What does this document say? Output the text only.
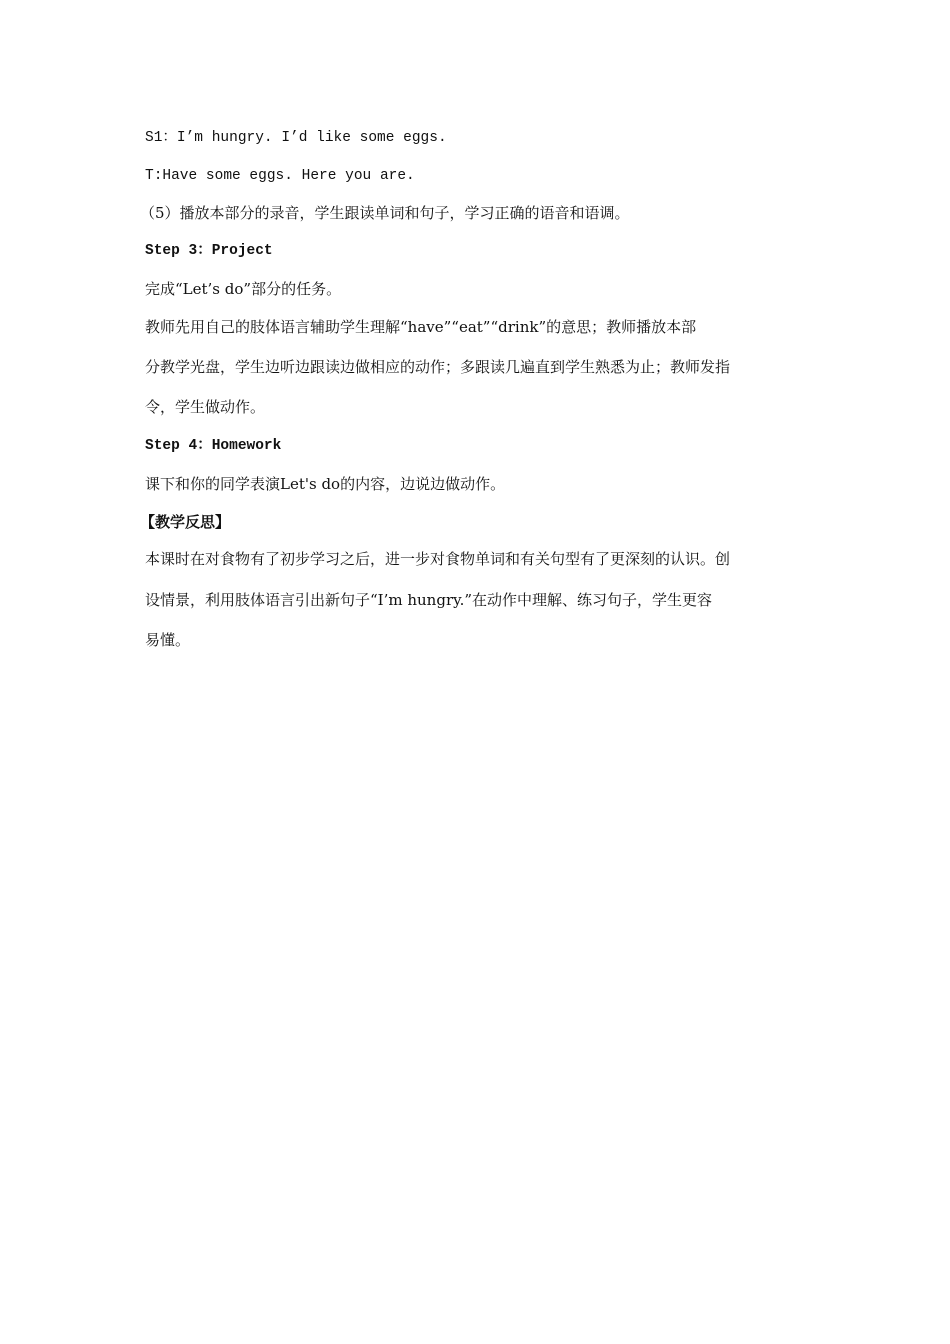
S1：I’m hungry. I’d like some eggs.
T:Have some eggs. Here you are.
（5）播放本部分的录音，学生跟读单词和句子，学习正确的语音和语调。
Step 3：Project
完成“Let’s do”部分的任务。
教师先用自己的肢体语言辅助学生理解“have”“eat”“drink”的意思；教师播放本部
分教学光盘，学生边听边跟读边做相应的动作；多跟读几遍直到学生熟悉为止；教师发指
令，学生做动作。
Step 4：Homework
课下和你的同学表演Let's do的内容，边说边做动作。
【教学反思】
本课时在对食物有了初步学习之后，进一步对食物单词和有关句型有了更深刻的认识。创
设情景，利用肢体语言引出新句子“I’m hungry.”在动作中理解、练习句子，学生更容
易懂。
